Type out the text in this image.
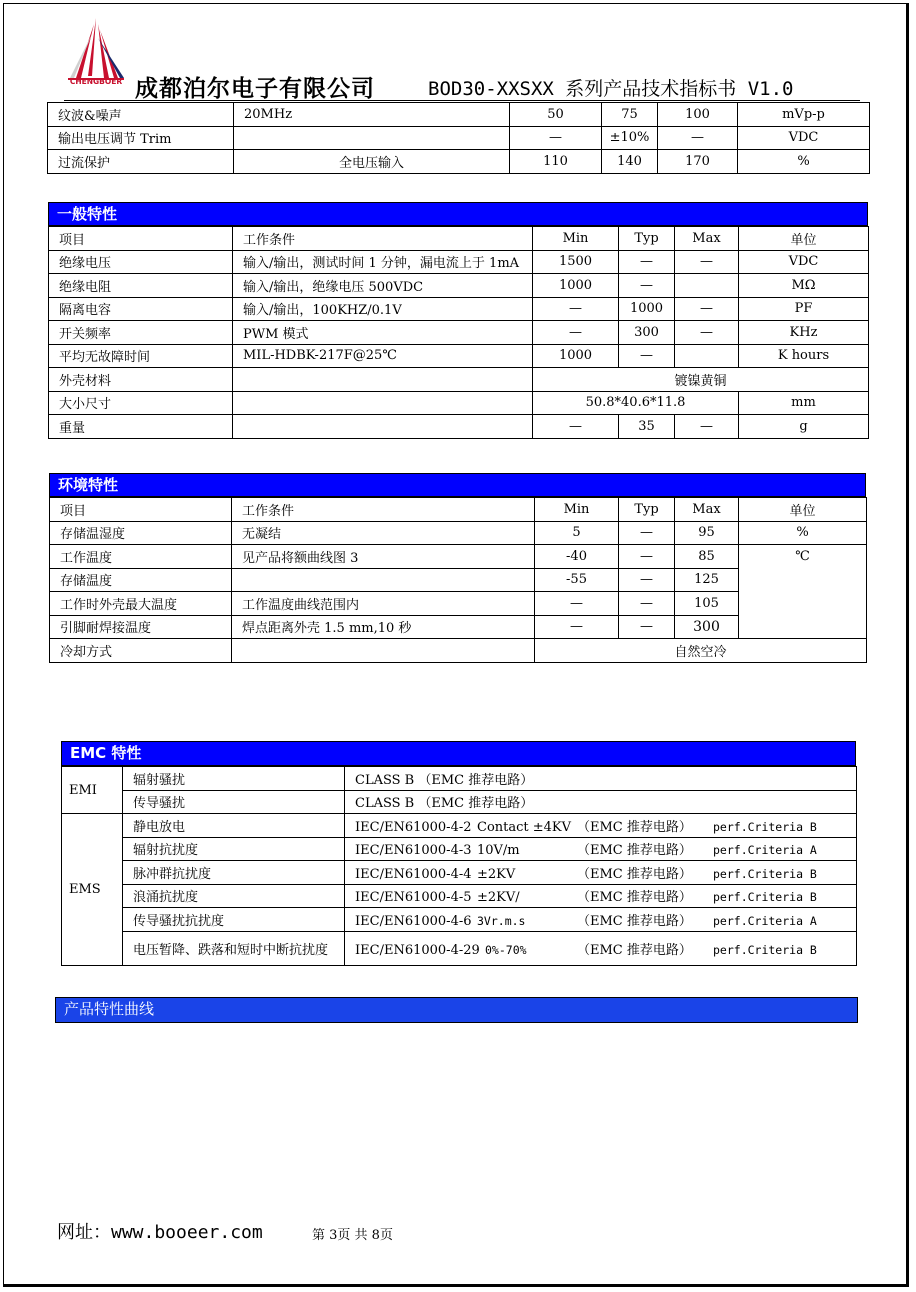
CHENGBOER 成都泊尔电子有限公司	BOD30-XXSXX 系列产品技术指标书 V1.0
纹波&噪声	20MHz	50	75	100	mVp-p
输出电压调节 Trim		—	±10%	—	VDC
过流保护	全电压输入	110	140	170	%
一般特性
项目	工作条件	Min	Typ	Max	单位
绝缘电压	输入/输出，测试时间 1 分钟，漏电流上于 1mA	1500	—	—	VDC
绝缘电阻	输入/输出，绝缘电压 500VDC	1000	—		MΩ
隔离电容	输入/输出，100KHZ/0.1V	—	1000	—	PF
开关频率	PWM 模式	—	300	—	KHz
平均无故障时间	MIL-HDBK-217F@25℃	1000	—		K hours
外壳材料		镀镍黄铜			
大小尺寸		50.8*40.6*11.8			mm
重量		—	35	—	g
环境特性
项目	工作条件	Min	Typ	Max	单位
存储温湿度	无凝结	5	—	95	%
工作温度	见产品将额曲线图 3	-40	—	85	℃
存储温度		-55	—	125	
工作时外壳最大温度	工作温度曲线范围内	—	—	105	
引脚耐焊接温度	焊点距离外壳 1.5 mm,10 秒	—	—	300	
冷却方式		自然空冷			
EMC 特性
EMI	辐射骚扰	CLASS B （EMC 推荐电路）
	传导骚扰	CLASS B （EMC 推荐电路）
EMS	静电放电	IEC/EN61000-4-2 Contact ±4KV （EMC 推荐电路） perf.Criteria B
	辐射抗扰度	IEC/EN61000-4-3 10V/m （EMC 推荐电路） perf.Criteria A
	脉冲群抗扰度	IEC/EN61000-4-4 ±2KV （EMC 推荐电路） perf.Criteria B
	浪涌抗扰度	IEC/EN61000-4-5 ±2KV/ （EMC 推荐电路） perf.Criteria B
	传导骚扰抗扰度	IEC/EN61000-4-6 3Vr.m.s （EMC 推荐电路） perf.Criteria A
	电压暂降、跌落和短时中断抗扰度	IEC/EN61000-4-29 0%-70% （EMC 推荐电路） perf.Criteria B
产品特性曲线
网址：www.booeer.com	第 3页 共 8页
